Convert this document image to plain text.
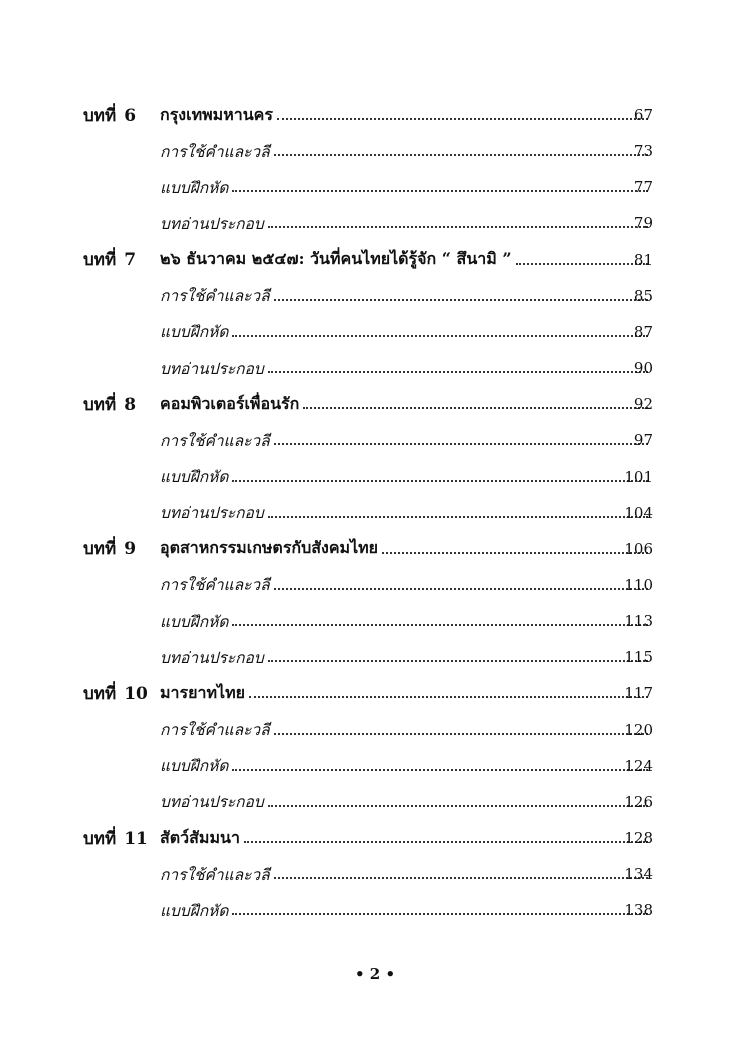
บทที่ 6 กรุงเทพมหานคร	67
การใช้คำและวลี	73
แบบฝึกหัด	77
บทอ่านประกอบ	79
บทที่ 7 ๒๖ ธันวาคม ๒๕๔๗: วันที่คนไทยได้รู้จัก “ สึนามิ ”	81
การใช้คำและวลี	85
แบบฝึกหัด	87
บทอ่านประกอบ	90
บทที่ 8 คอมพิวเตอร์เพื่อนรัก	92
การใช้คำและวลี	97
แบบฝึกหัด	101
บทอ่านประกอบ	104
บทที่ 9 อุตสาหกรรมเกษตรกับสังคมไทย	106
การใช้คำและวลี	110
แบบฝึกหัด	113
บทอ่านประกอบ	115
บทที่ 10 มารยาทไทย	117
การใช้คำและวลี	120
แบบฝึกหัด	124
บทอ่านประกอบ	126
บทที่ 11 สัตว์สัมมนา	128
การใช้คำและวลี	134
แบบฝึกหัด	138
• 2 •
